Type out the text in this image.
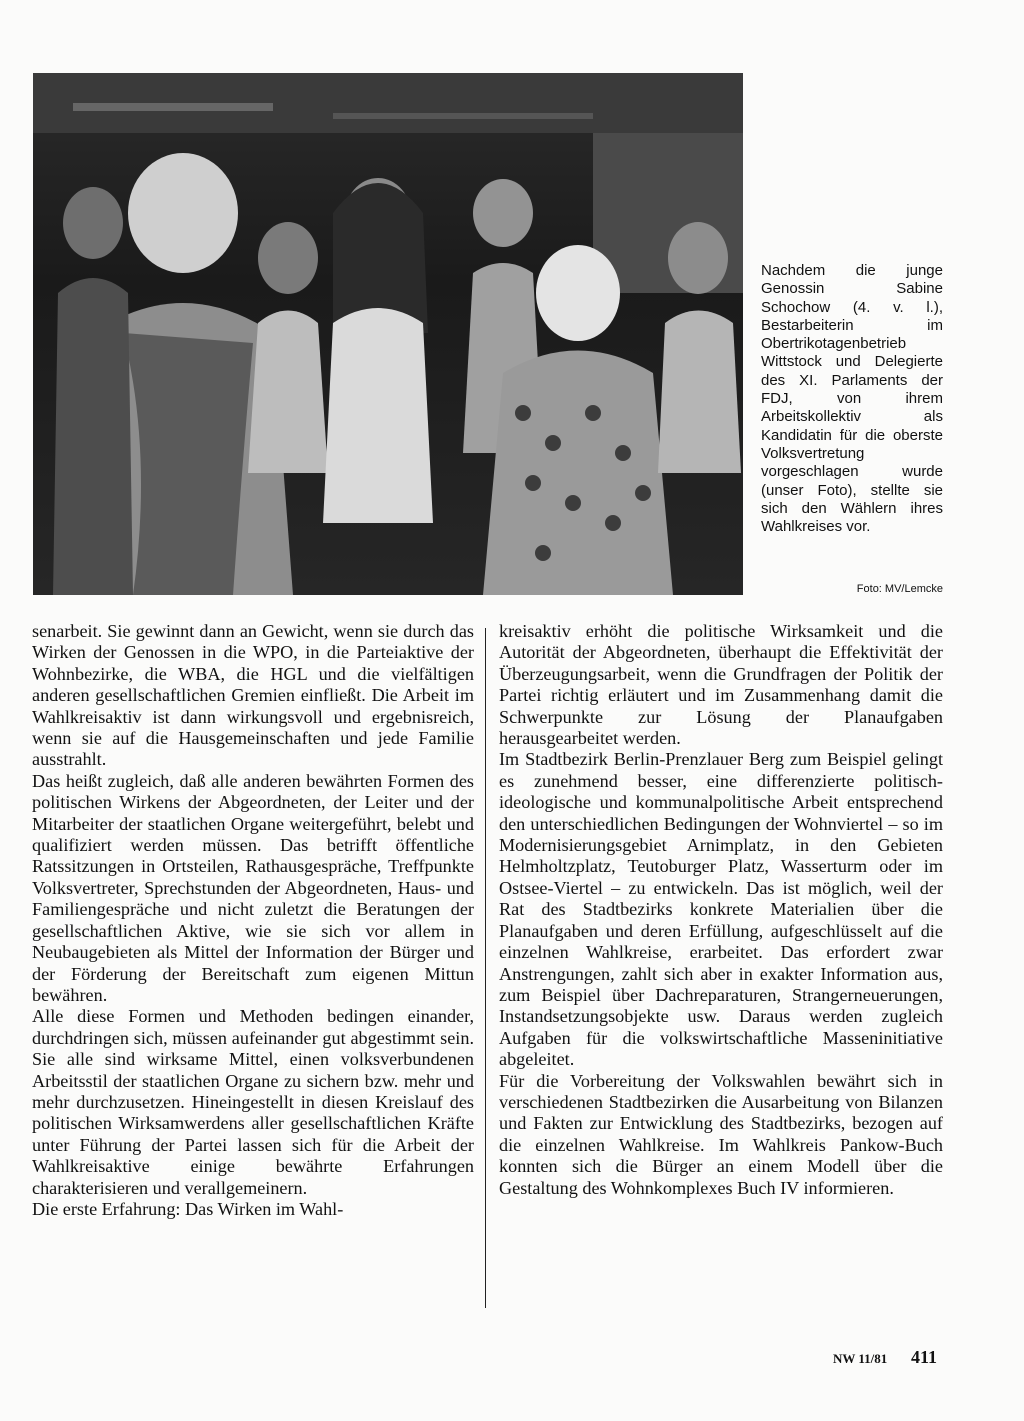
Nachdem die junge Genossin Sabine Schochow (4. v. l.), Bestarbeiterin im Obertrikotagenbetrieb Wittstock und Delegierte des XI. Parlaments der FDJ, von ihrem Arbeitskollektiv als Kandidatin für die oberste Volksvertretung vorgeschlagen wurde (unser Foto), stellte sie sich den Wählern ihres Wahlkreises vor.
Foto: MV/Lemcke

senarbeit. Sie gewinnt dann an Gewicht, wenn sie durch das Wirken der Genossen in die WPO, in die Parteiaktive der Wohnbezirke, die WBA, die HGL und die vielfältigen anderen gesellschaftlichen Gremien einfließt. Die Arbeit im Wahlkreisaktiv ist dann wirkungsvoll und ergebnisreich, wenn sie auf die Hausgemeinschaften und jede Familie ausstrahlt.

Das heißt zugleich, daß alle anderen bewährten Formen des politischen Wirkens der Abgeordneten, der Leiter und der Mitarbeiter der staatlichen Organe weitergeführt, belebt und qualifiziert werden müssen. Das betrifft öffentliche Ratssitzungen in Ortsteilen, Rathausgespräche, Treffpunkte Volksvertreter, Sprechstunden der Abgeordneten, Haus- und Familiengespräche und nicht zuletzt die Beratungen der gesellschaftlichen Aktive, wie sie sich vor allem in Neubaugebieten als Mittel der Information der Bürger und der Förderung der Bereitschaft zum eigenen Mittun bewähren.

Alle diese Formen und Methoden bedingen einander, durchdringen sich, müssen aufeinander gut abgestimmt sein. Sie alle sind wirksame Mittel, einen volksverbundenen Arbeitsstil der staatlichen Organe zu sichern bzw. mehr und mehr durchzusetzen. Hineingestellt in diesen Kreislauf des politischen Wirksamwerdens aller gesellschaftlichen Kräfte unter Führung der Partei lassen sich für die Arbeit der Wahlkreisaktive einige bewährte Erfahrungen charakterisieren und verallgemeinern.

Die erste Erfahrung: Das Wirken im Wahl-

kreisaktiv erhöht die politische Wirksamkeit und die Autorität der Abgeordneten, überhaupt die Effektivität der Überzeugungsarbeit, wenn die Grundfragen der Politik der Partei richtig erläutert und im Zusammenhang damit die Schwerpunkte zur Lösung der Planaufgaben herausgearbeitet werden.

Im Stadtbezirk Berlin-Prenzlauer Berg zum Beispiel gelingt es zunehmend besser, eine differenzierte politisch-ideologische und kommunalpolitische Arbeit entsprechend den unterschiedlichen Bedingungen der Wohnviertel – so im Modernisierungsgebiet Arnimplatz, in den Gebieten Helmholtzplatz, Teutoburger Platz, Wasserturm oder im Ostsee-Viertel – zu entwickeln. Das ist möglich, weil der Rat des Stadtbezirks konkrete Materialien über die Planaufgaben und deren Erfüllung, aufgeschlüsselt auf die einzelnen Wahlkreise, erarbeitet. Das erfordert zwar Anstrengungen, zahlt sich aber in exakter Information aus, zum Beispiel über Dachreparaturen, Strangerneuerungen, Instandsetzungsobjekte usw. Daraus werden zugleich Aufgaben für die volkswirtschaftliche Masseninitiative abgeleitet.

Für die Vorbereitung der Volkswahlen bewährt sich in verschiedenen Stadtbezirken die Ausarbeitung von Bilanzen und Fakten zur Entwicklung des Stadtbezirks, bezogen auf die einzelnen Wahlkreise. Im Wahlkreis Pankow-Buch konnten sich die Bürger an einem Modell über die Gestaltung des Wohnkomplexes Buch IV informieren.

NW 11/81 411
